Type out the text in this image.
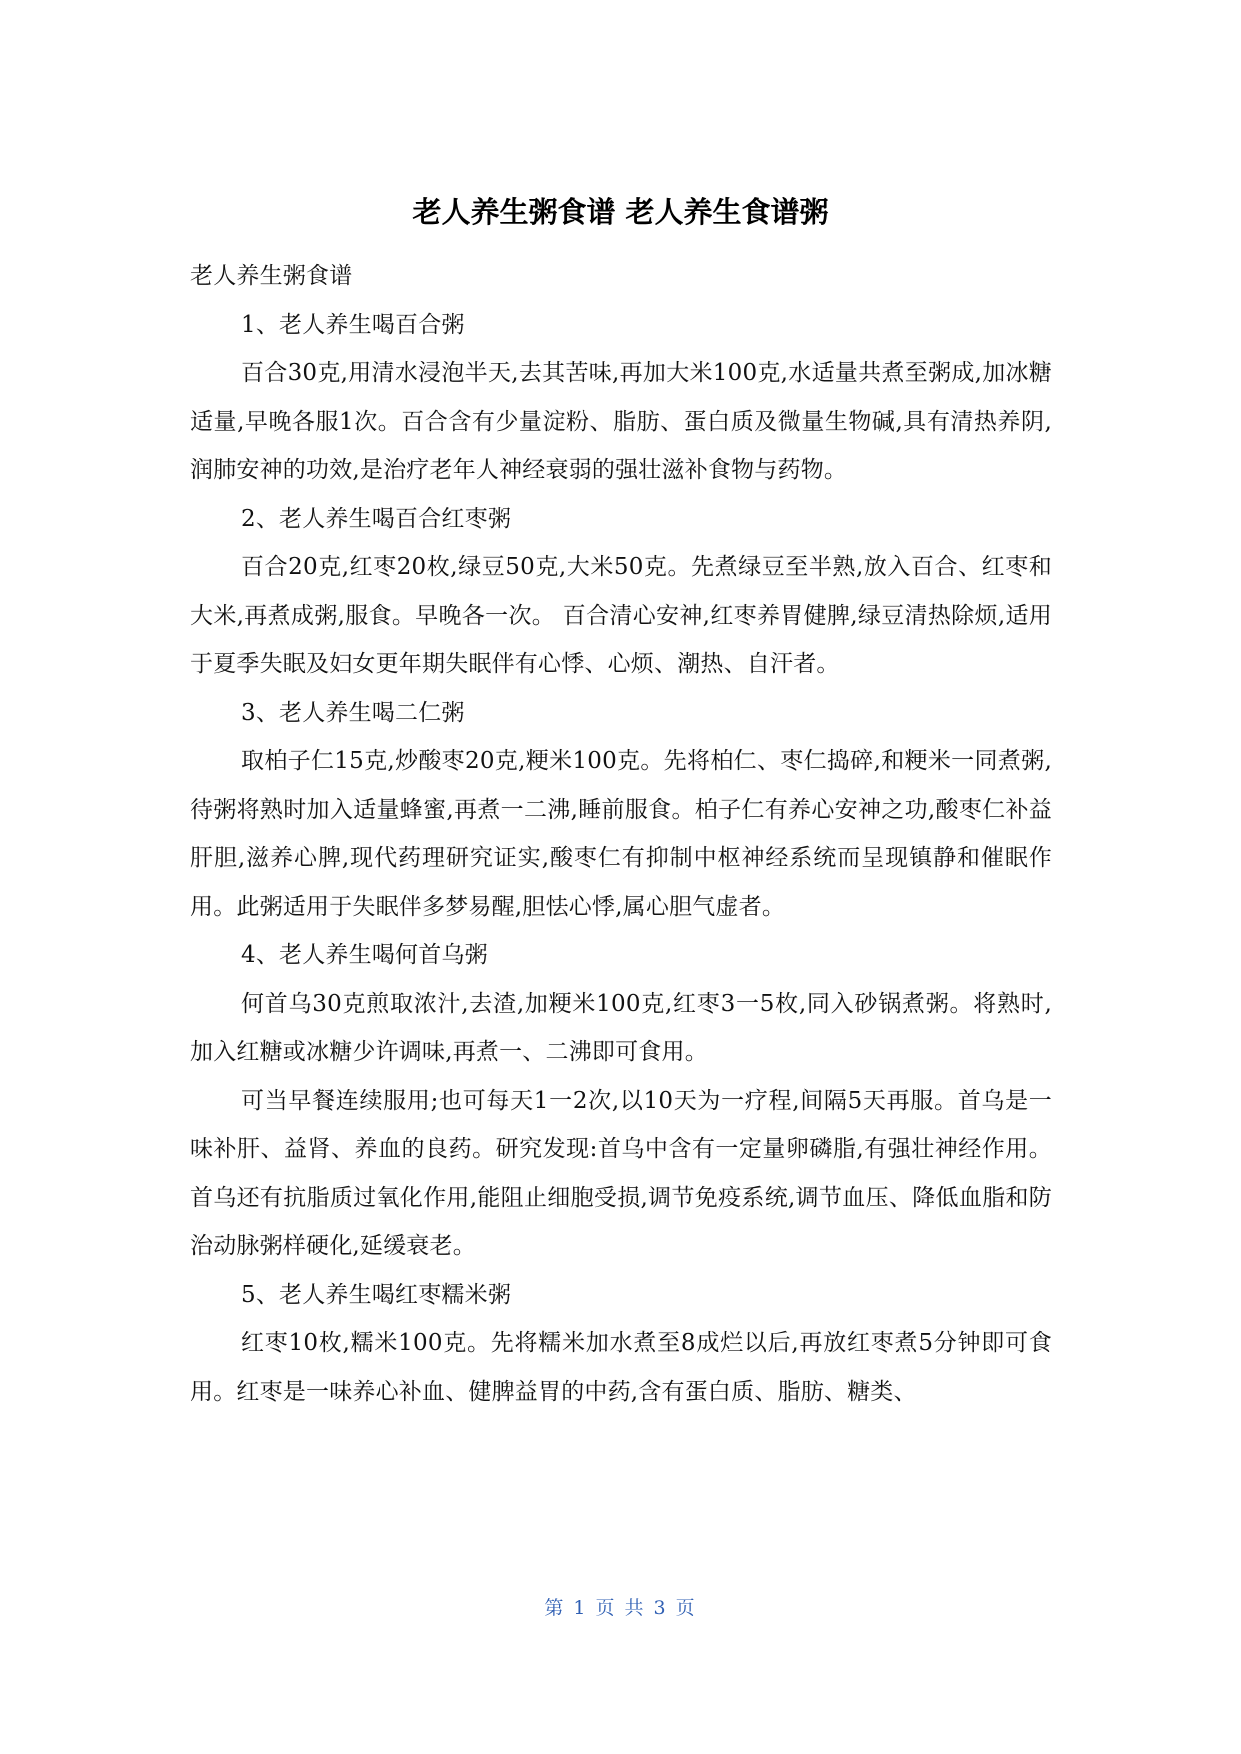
老人养生粥食谱 老人养生食谱粥

老人养生粥食谱

1、老人养生喝百合粥

百合30克,用清水浸泡半天,去其苦味,再加大米100克,水适量共煮至粥成,加冰糖适量,早晚各服1次。百合含有少量淀粉、脂肪、蛋白质及微量生物碱,具有清热养阴,润肺安神的功效,是治疗老年人神经衰弱的强壮滋补食物与药物。

2、老人养生喝百合红枣粥

百合20克,红枣20枚,绿豆50克,大米50克。先煮绿豆至半熟,放入百合、红枣和大米,再煮成粥,服食。早晚各一次。 百合清心安神,红枣养胃健脾,绿豆清热除烦,适用于夏季失眠及妇女更年期失眠伴有心悸、心烦、潮热、自汗者。

3、老人养生喝二仁粥

取柏子仁15克,炒酸枣20克,粳米100克。先将柏仁、枣仁捣碎,和粳米一同煮粥,待粥将熟时加入适量蜂蜜,再煮一二沸,睡前服食。柏子仁有养心安神之功,酸枣仁补益肝胆,滋养心脾,现代药理研究证实,酸枣仁有抑制中枢神经系统而呈现镇静和催眠作用。此粥适用于失眠伴多梦易醒,胆怯心悸,属心胆气虚者。

4、老人养生喝何首乌粥

何首乌30克煎取浓汁,去渣,加粳米100克,红枣3一5枚,同入砂锅煮粥。将熟时,加入红糖或冰糖少许调味,再煮一、二沸即可食用。

可当早餐连续服用;也可每天1一2次,以10天为一疗程,间隔5天再服。首乌是一味补肝、益肾、养血的良药。研究发现:首乌中含有一定量卵磷脂,有强壮神经作用。首乌还有抗脂质过氧化作用,能阻止细胞受损,调节免疫系统,调节血压、降低血脂和防治动脉粥样硬化,延缓衰老。

5、老人养生喝红枣糯米粥

红枣10枚,糯米100克。先将糯米加水煮至8成烂以后,再放红枣煮5分钟即可食用。红枣是一味养心补血、健脾益胃的中药,含有蛋白质、脂肪、糖类、

第 1 页 共 3 页
